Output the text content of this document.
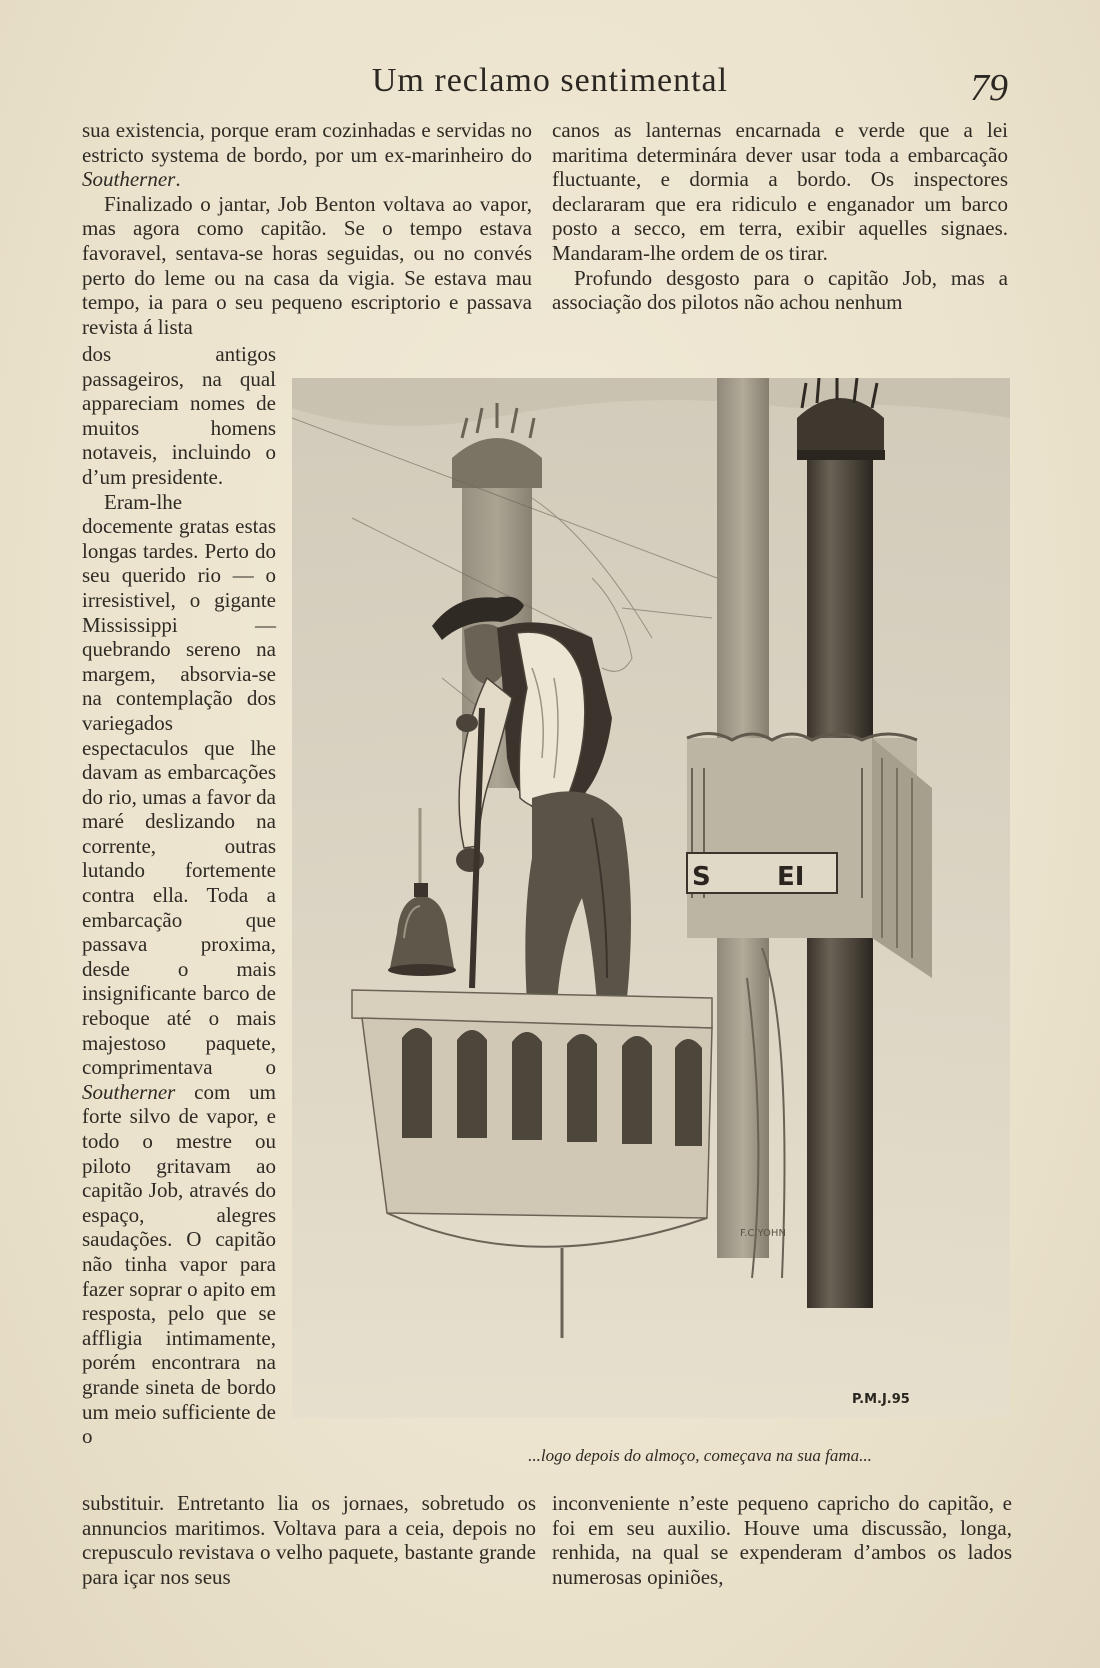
Um reclamo sentimental	79

sua existencia, porque eram cozinhadas e servidas no estricto systema de bordo, por um ex-marinheiro do Southerner.

Finalizado o jantar, Job Benton voltava ao vapor, mas agora como capitão. Se o tempo estava favoravel, sentava-se horas seguidas, ou no convés perto do leme ou na casa da vigia. Se estava mau tempo, ia para o seu pequeno escriptorio e passava revista á lista

dos antigos passageiros, na qual appareciam nomes de muitos homens notaveis, incluindo o d’um presidente.

Eram-lhe docemente gratas estas longas tardes. Perto do seu querido rio — o irresistivel, o gigante Mississippi — quebrando sereno na margem, absorvia-se na contemplação dos variegados espectaculos que lhe davam as embarcações do rio, umas a favor da maré deslizando na corrente, outras lutando fortemente contra ella. Toda a embarcação que passava proxima, desde o mais insignificante barco de reboque até o mais majestoso paquete, comprimentava o Southerner com um forte silvo de vapor, e todo o mestre ou piloto gritavam ao capitão Job, através do espaço, alegres saudações. O capitão não tinha vapor para fazer soprar o apito em resposta, pelo que se affligia intimamente, porém encontrara na grande sineta de bordo um meio sufficiente de o

canos as lanternas encarnada e verde que a lei maritima determinára dever usar toda a embarcação fluctuante, e dormia a bordo. Os inspectores declararam que era ridiculo e enganador um barco posto a secco, em terra, exibir aquelles signaes. Mandaram-lhe ordem de os tirar.

Profundo desgosto para o capitão Job, mas a associação dos pilotos não achou nenhum

S	EI
F.C.YOHN
P.M.J.95
...logo depois do almoço, começava na sua fama...

substituir. Entretanto lia os jornaes, sobretudo os annuncios maritimos. Voltava para a ceia, depois no crepusculo revistava o velho paquete, bastante grande para içar nos seus

inconveniente n’este pequeno capricho do capitão, e foi em seu auxilio. Houve uma discussão, longa, renhida, na qual se expenderam d’ambos os lados numerosas opiniões,
